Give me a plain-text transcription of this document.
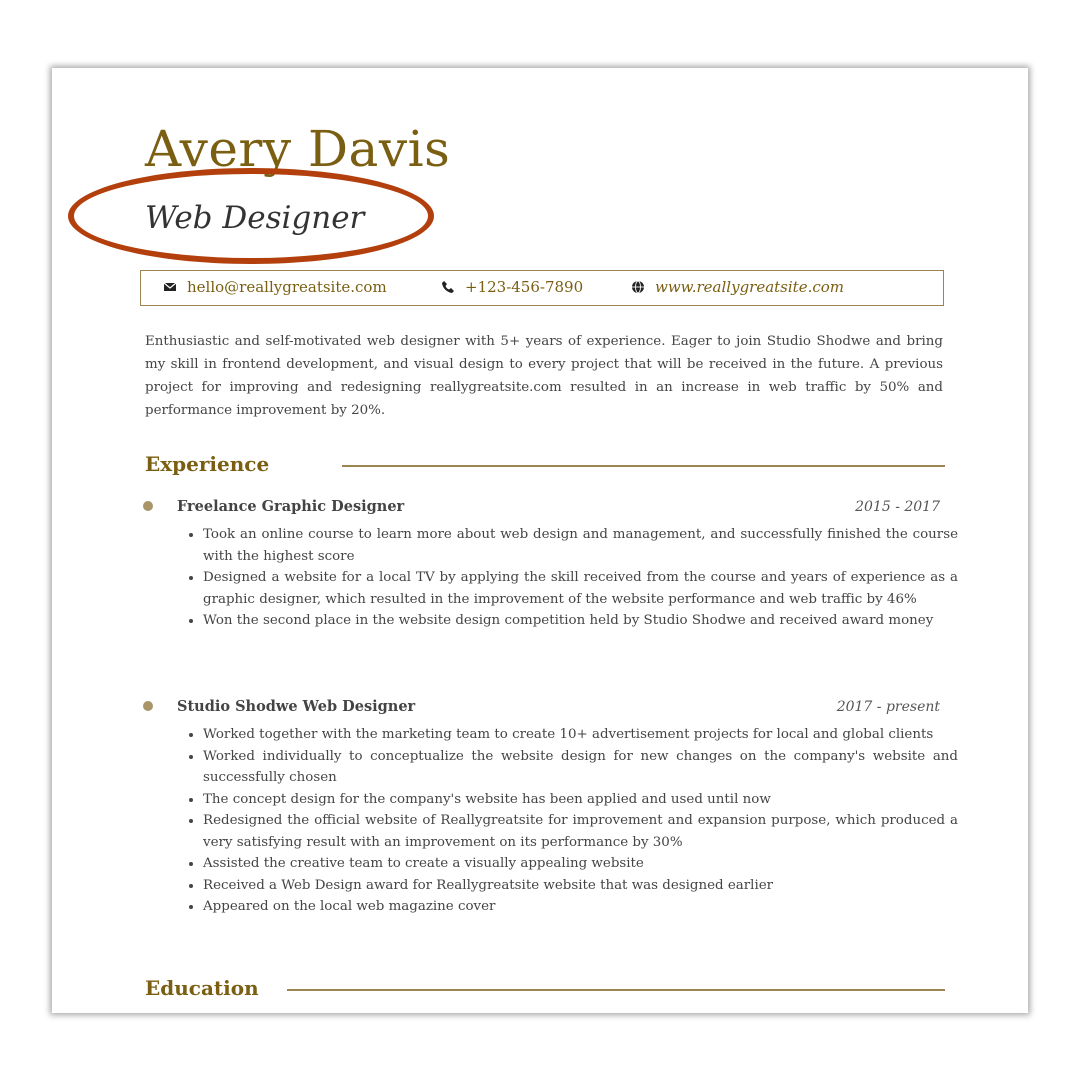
Avery Davis
Web Designer
hello@reallygreatsite.com	+123-456-7890	www.reallygreatsite.com
Enthusiastic and self-motivated web designer with 5+ years of experience. Eager to join Studio Shodwe and bring my skill in frontend development, and visual design to every project that will be received in the future. A previous project for improving and redesigning reallygreatsite.com resulted in an increase in web traffic by 50% and performance improvement by 20%.
Experience
Freelance Graphic Designer	2015 - 2017
• Took an online course to learn more about web design and management, and successfully finished the course with the highest score
• Designed a website for a local TV by applying the skill received from the course and years of experience as a graphic designer, which resulted in the improvement of the website performance and web traffic by 46%
• Won the second place in the website design competition held by Studio Shodwe and received award money
Studio Shodwe Web Designer	2017 - present
• Worked together with the marketing team to create 10+ advertisement projects for local and global clients
• Worked individually to conceptualize the website design for new changes on the company's website and successfully chosen
• The concept design for the company's website has been applied and used until now
• Redesigned the official website of Reallygreatsite for improvement and expansion purpose, which produced a very satisfying result with an improvement on its performance by 30%
• Assisted the creative team to create a visually appealing website
• Received a Web Design award for Reallygreatsite website that was designed earlier
• Appeared on the local web magazine cover
Education
